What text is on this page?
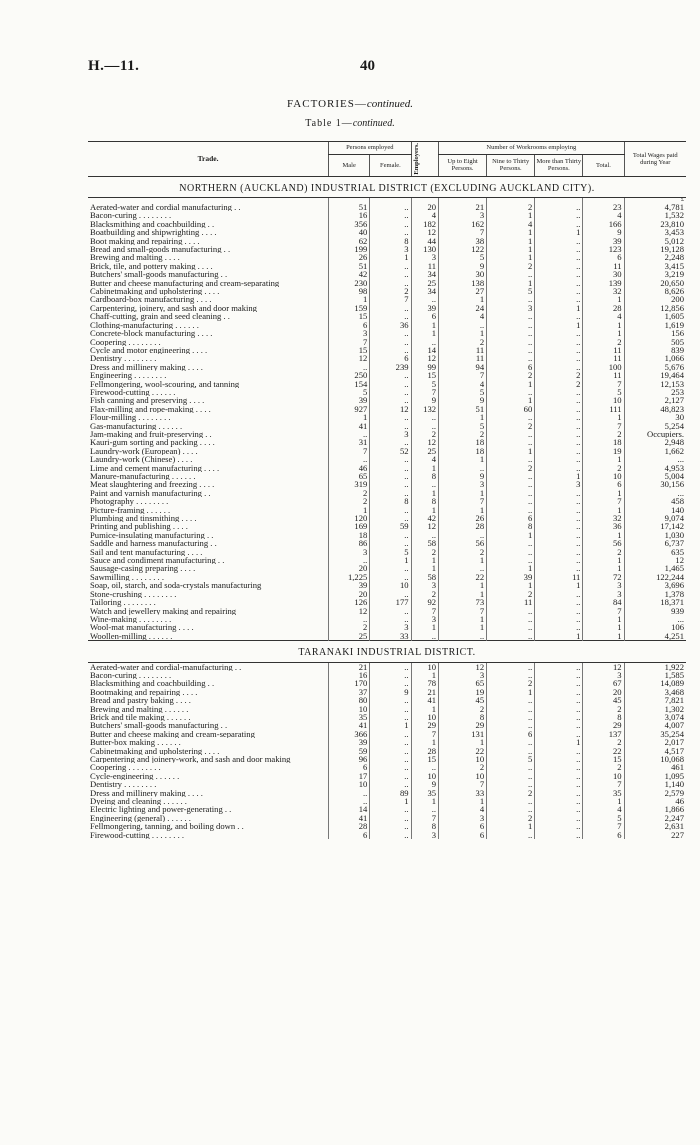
H.—11.	40
FACTORIES—continued.
Table 1—continued.
Trade.	Persons employed		Employers.	Number of Workrooms employing				Total Wages paid during Year
	Male	Female.		Up to Eight Persons.	Nine to Thirty Persons.	More than Thirty Persons.	Total.	
NORTHERN (AUCKLAND) INDUSTRIAL DISTRICT (EXCLUDING AUCKLAND CITY).								
								£
Aerated-water and cordial manufacturing . .	51	..	20	21	2	..	23	4,781
Bacon-curing . . . . . . . .	16	..	4	3	1	..	4	1,532
Blacksmithing and coachbuilding . .	356	..	182	162	4	..	166	23,810
Boatbuilding and shipwrighting . . . .	40	..	12	7	1	1	9	3,453
Boot making and repairing . . . .	62	8	44	38	1	..	39	5,012
Bread and small-goods manufacturing . .	199	3	130	122	1	..	123	19,128
Brewing and malting . . . .	26	1	3	5	1	..	6	2,248
Brick, tile, and pottery making . . . .	51	..	11	9	2	..	11	3,415
Butchers' small-goods manufacturing . .	42	..	34	30	..	..	30	3,219
Butter and cheese manufacturing and cream-separating	230	..	25	138	1	..	139	20,650
Cabinetmaking and upholstering . . . .	98	2	34	27	5	..	32	8,626
Cardboard-box manufacturing . . . .	1	7	..	1	..	..	1	200
Carpentering, joinery, and sash and door making	159	..	39	24	3	1	28	12,856
Chaff-cutting, grain and seed cleaning . .	15	..	6	4	..	..	4	1,605
Clothing-manufacturing . . . . . .	6	36	1	..	..	1	1	1,619
Concrete-block manufacturing . . . .	3	..	1	1	..	..	1	156
Coopering . . . . . . . .	7	..	..	2	..	..	2	505
Cycle and motor engineering . . . .	15	..	14	11	..	..	11	839
Dentistry . . . . . . . .	12	6	12	11	..	..	11	1,066
Dress and millinery making . . . .	..	239	99	94	6	..	100	5,676
Engineering . . . . . . . .	250	..	15	7	2	2	11	19,464
Fellmongering, wool-scouring, and tanning	154	..	5	4	1	2	7	12,153
Firewood-cutting . . . . . .	5	..	7	5	..	..	5	253
Fish canning and preserving . . . .	39	..	9	9	1	..	10	2,127
Flax-milling and rope-making . . . .	927	12	132	51	60	..	111	48,823
Flour-milling . . . . . . . .	1	..	..	1	..	..	1	30
Gas-manufacturing . . . . . .	41	..	..	5	2	..	7	5,254
Jam-making and fruit-preserving . .	..	3	2	2	..	..	2	Occupiers.
Kauri-gum sorting and packing . . . .	31	..	12	18	..	..	18	2,948
Laundry-work (European) . . . .	7	52	25	18	1	..	19	1,662
Laundry-work (Chinese) . . . .	..	..	4	1	..	..	1	...
Lime and cement manufacturing . . . .	46	..	1	..	2	..	2	4,953
Manure-manufacturing . . . . . .	65	..	8	9	..	1	10	5,004
Meat slaughtering and freezing . . . .	319	..	..	3	..	3	6	30,156
Paint and varnish manufacturing . .	2	..	1	1	..	..	1	...
Photography . . . . . . . .	2	8	8	7	..	..	7	458
Picture-framing . . . . . .	1	..	1	1	..	..	1	140
Plumbing and tinsmithing . . . .	120	..	42	26	6	..	32	9,074
Printing and publishing . . . .	169	59	12	28	8	..	36	17,142
Pumice-insulating manufacturing . .	18	..	..	..	1	..	1	1,030
Saddle and harness manufacturing . .	86	..	58	56	..	..	56	6,737
Sail and tent manufacturing . . . .	3	5	2	2	..	..	2	635
Sauce and condiment manufacturing . .	..	1	1	1	..	..	1	12
Sausage-casing preparing . . . .	20	..	1	..	1	..	1	1,465
Sawmilling . . . . . . . .	1,225	..	58	22	39	11	72	122,244
Soap, oil, starch, and soda-crystals manufacturing	39	10	3	1	1	1	3	3,696
Stone-crushing . . . . . . . .	20	..	2	1	2	..	3	1,378
Tailoring . . . . . . . .	126	177	92	73	11	..	84	18,371
Watch and jewellery making and repairing	12	..	7	7	..	..	7	939
Wine-making . . . . . . . .	..	..	3	1	..	..	1	...
Wool-mat manufacturing . . . .	2	3	1	1	..	..	1	106
Woollen-milling . . . . . .	25	33	..	..	..	1	1	4,251
TARANAKI INDUSTRIAL DISTRICT.								
Aerated-water and cordial-manufacturing . .	21	..	10	12	..	..	12	1,922
Bacon-curing . . . . . . . .	16	..	1	3	..	..	3	1,585
Blacksmithing and coachbuilding . .	170	..	78	65	2	..	67	14,089
Bootmaking and repairing . . . .	37	9	21	19	1	..	20	3,468
Bread and pastry baking . . . .	80	..	41	45	..	..	45	7,821
Brewing and malting . . . . . .	10	..	1	2	..	..	2	1,302
Brick and tile making . . . . . .	35	..	10	8	..	..	8	3,074
Butchers' small-goods manufacturing . .	41	1	29	29	..	..	29	4,007
Butter and cheese making and cream-separating	366	..	7	131	6	..	137	35,254
Butter-box making . . . . . .	39	..	1	1	..	1	2	2,017
Cabinetmaking and upholstering . . . .	59	..	28	22	..	..	22	4,517
Carpentering and joinery-work, and sash and door making	96	..	15	10	5	..	15	10,068
Coopering . . . . . . . .	6	..	..	2	..	..	2	461
Cycle-engineering . . . . . .	17	..	10	10	..	..	10	1,095
Dentistry . . . . . . . .	10	..	9	7	..	..	7	1,140
Dress and millinery making . . . .	..	89	35	33	2	..	35	2,579
Dyeing and cleaning . . . . . .	..	1	1	1	..	..	1	46
Electric lighting and power-generating . .	14	..	..	4	..	..	4	1,866
Engineering (general) . . . . . .	41	..	7	3	2	..	5	2,247
Fellmongering, tanning, and boiling down . .	28	..	8	6	1	..	7	2,631
Firewood-cutting . . . . . . . .	6	..	3	6	..	..	6	227
